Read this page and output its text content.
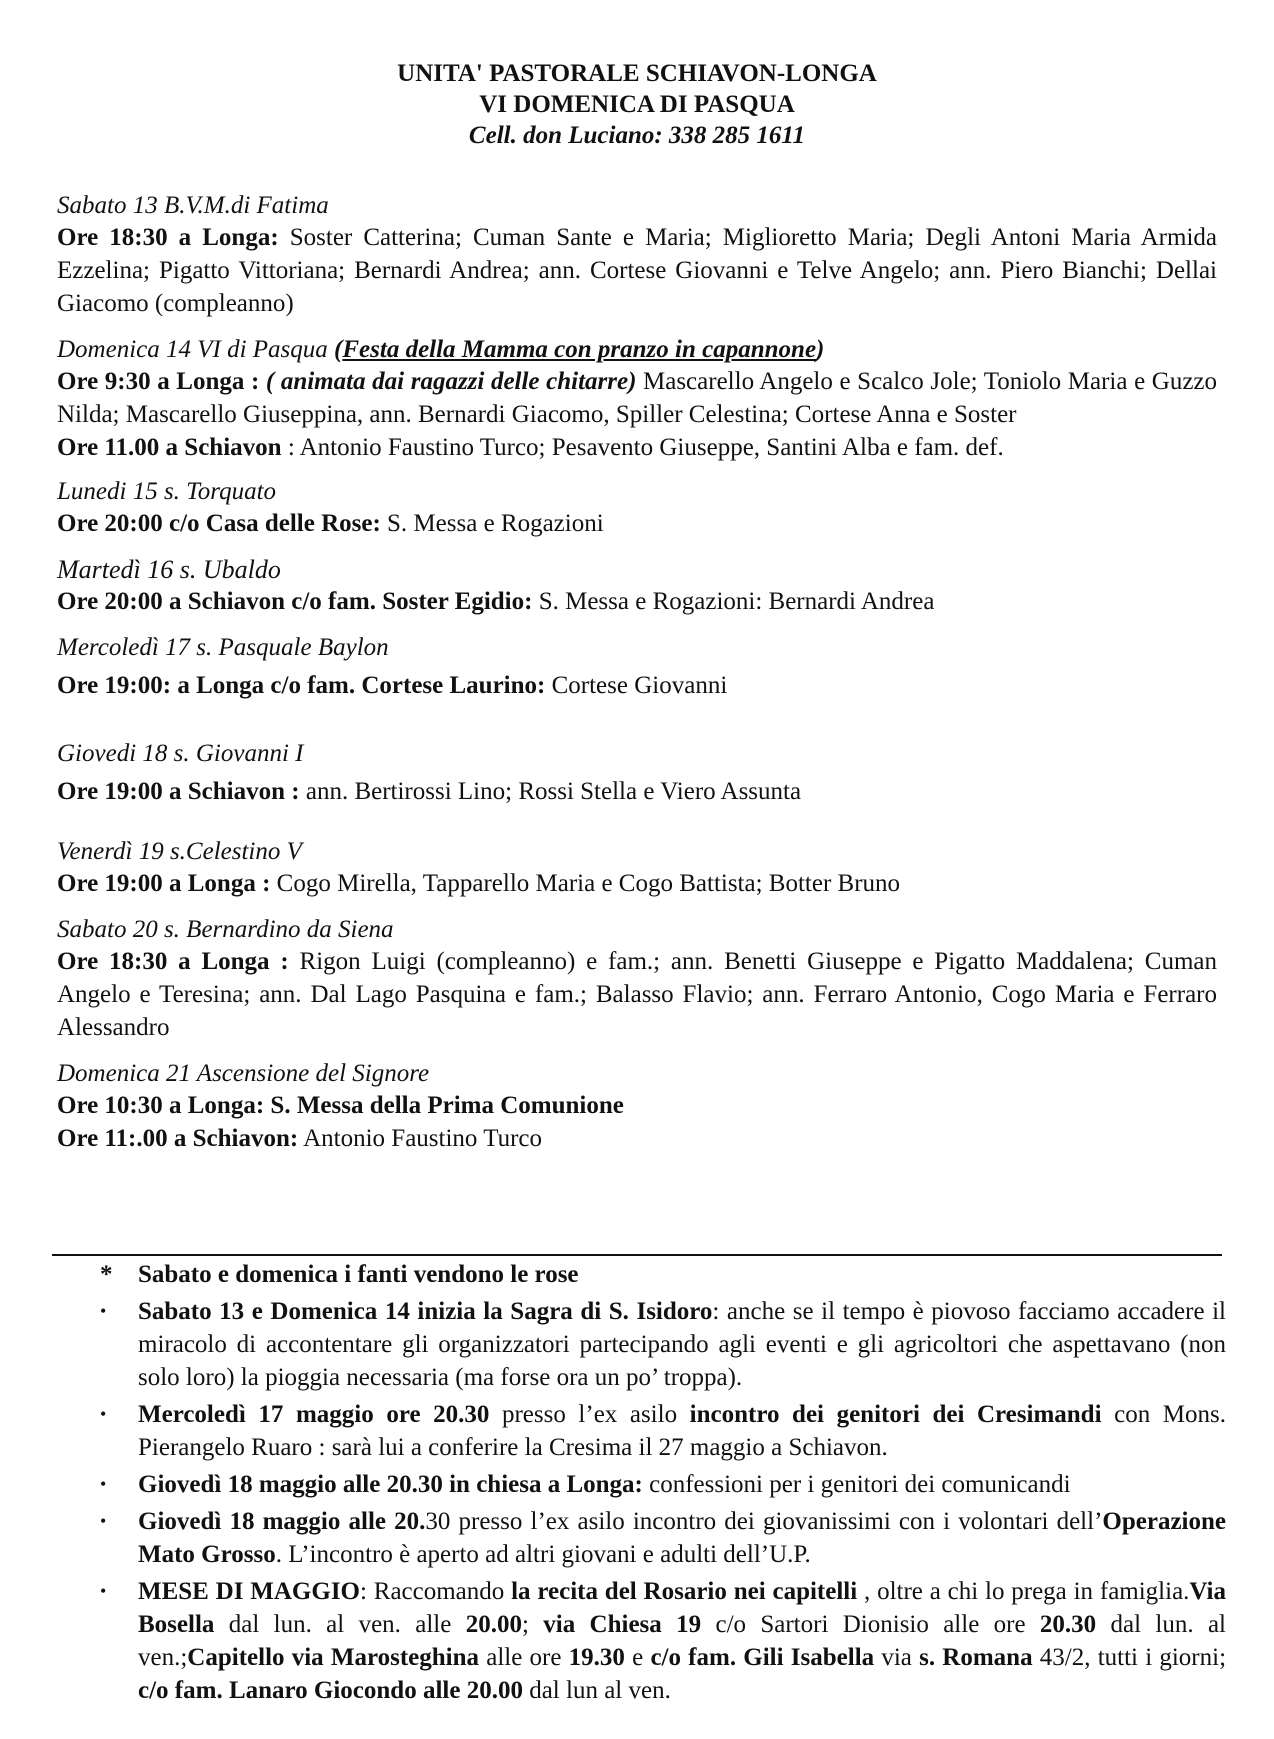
UNITA' PASTORALE SCHIAVON-LONGA

VI DOMENICA DI PASQUA

Cell. don Luciano: 338 285 1611

Sabato 13 B.V.M.di Fatima

Ore 18:30 a Longa: Soster Catterina; Cuman Sante e Maria; Miglioretto Maria; Degli Antoni Maria Armida Ezzelina; Pigatto Vittoriana; Bernardi Andrea; ann. Cortese Giovanni e Telve Angelo; ann. Piero Bianchi; Dellai Giacomo (compleanno)

Domenica 14 VI di Pasqua (Festa della Mamma con pranzo in capannone)

Ore 9:30 a Longa : ( animata dai ragazzi delle chitarre) Mascarello Angelo e Scalco Jole; Toniolo Maria e Guzzo Nilda; Mascarello Giuseppina, ann. Bernardi Giacomo, Spiller Celestina; Cortese Anna e Soster

Ore 11.00 a Schiavon : Antonio Faustino Turco; Pesavento Giuseppe, Santini Alba e fam. def.

Lunedi 15 s. Torquato

Ore 20:00 c/o Casa delle Rose: S. Messa e Rogazioni

Martedì 16 s. Ubaldo

Ore 20:00 a Schiavon c/o fam. Soster Egidio: S. Messa e Rogazioni: Bernardi Andrea

Mercoledì 17 s. Pasquale Baylon

Ore 19:00: a Longa c/o fam. Cortese Laurino: Cortese Giovanni

Giovedi 18 s. Giovanni I

Ore 19:00 a Schiavon : ann. Bertirossi Lino; Rossi Stella e Viero Assunta

Venerdì 19 s.Celestino V

Ore 19:00 a Longa : Cogo Mirella, Tapparello Maria e Cogo Battista; Botter Bruno

Sabato 20 s. Bernardino da Siena

Ore 18:30 a Longa : Rigon Luigi (compleanno) e fam.; ann. Benetti Giuseppe e Pigatto Maddalena; Cuman Angelo e Teresina; ann. Dal Lago Pasquina e fam.; Balasso Flavio; ann. Ferraro Antonio, Cogo Maria e Ferraro Alessandro

Domenica 21 Ascensione del Signore

Ore 10:30 a Longa: S. Messa della Prima Comunione

Ore 11:.00 a Schiavon: Antonio Faustino Turco

* Sabato e domenica i fanti vendono le rose

• Sabato 13 e Domenica 14 inizia la Sagra di S. Isidoro: anche se il tempo è piovoso facciamo accadere il miracolo di accontentare gli organizzatori partecipando agli eventi e gli agricoltori che aspettavano (non solo loro) la pioggia necessaria (ma forse ora un po’ troppa).

• Mercoledì 17 maggio ore 20.30 presso l’ex asilo incontro dei genitori dei Cresimandi con Mons. Pierangelo Ruaro : sarà lui a conferire la Cresima il 27 maggio a Schiavon.

• Giovedì 18 maggio alle 20.30 in chiesa a Longa: confessioni per i genitori dei comunicandi

• Giovedì 18 maggio alle 20.30 presso l’ex asilo incontro dei giovanissimi con i volontari dell’Operazione Mato Grosso. L’incontro è aperto ad altri giovani e adulti dell’U.P.

• MESE DI MAGGIO: Raccomando la recita del Rosario nei capitelli , oltre a chi lo prega in famiglia.Via Bosella dal lun. al ven. alle 20.00; via Chiesa 19 c/o Sartori Dionisio alle ore 20.30 dal lun. al ven.;Capitello via Marosteghina alle ore 19.30 e c/o fam. Gili Isabella via s. Romana 43/2, tutti i giorni; c/o fam. Lanaro Giocondo alle 20.00 dal lun al ven.
